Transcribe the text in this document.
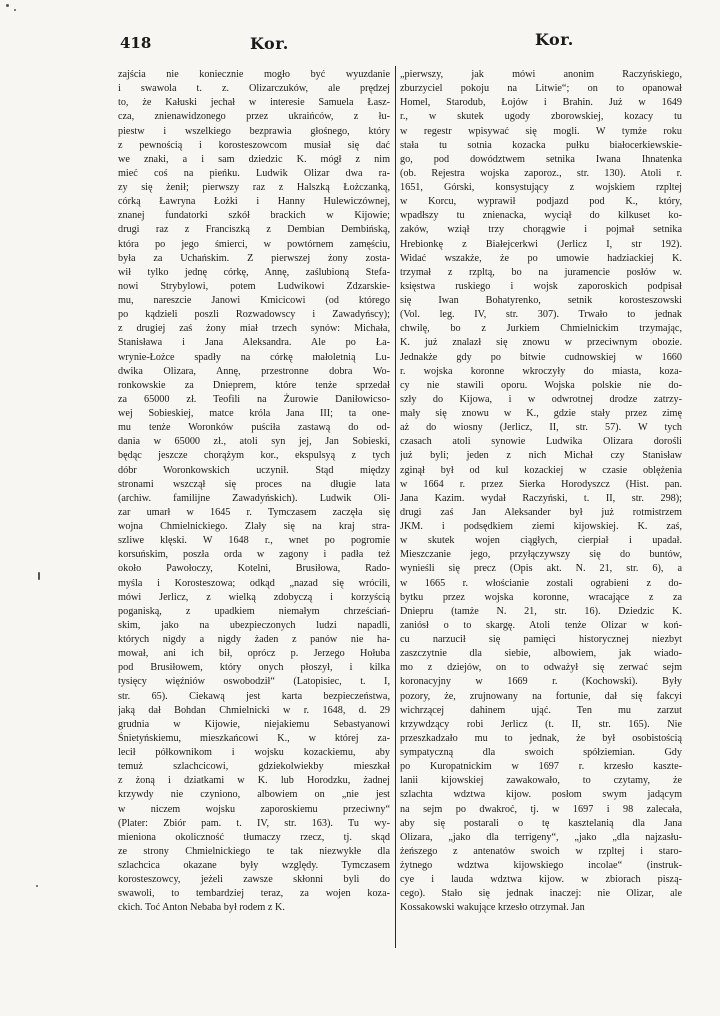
418	Kor.	Kor.
zajścia nie koniecznie mogło być wyuzdanie
i swawola t. z. Olizarczuków, ale prędzej
to, że Kałuski jechał w interesie Samuela Łasz-
cza, znienawidzonego przez ukraińców, z łu-
piestw i wszelkiego bezprawia głośnego, który
z pewnością i korosteszowcom musiał się dać
we znaki, a i sam dziedzic K. mógł z nim
mieć coś na pieńku. Ludwik Olizar dwa ra-
zy się żenił; pierwszy raz z Halszką Łożczanką,
córką Ławryna Łożki i Hanny Hulewiczównej,
znanej fundatorki szkół brackich w Kijowie;
drugi raz z Franciszką z Dembian Dembińską,
która po jego śmierci, w powtórnem zamęściu,
była za Uchańskim. Z pierwszej żony zosta-
wił tylko jednę córkę, Annę, zaślubioną Stefa-
nowi Strybylowi, potem Ludwikowi Zdzarskie-
mu, nareszcie Janowi Kmicicowi (od którego
po kądzieli poszli Rozwadowscy i Zawadyńscy);
z drugiej zaś żony miał trzech synów: Michała,
Stanisława i Jana Aleksandra. Ale po Ła-
wrynie-Łożce spadły na córkę małoletnią Lu-
dwika Olizara, Annę, przestronne dobra Wo-
ronkowskie za Dnieprem, które tenże sprzedał
za 65000 zł. Teofili na Żurowie Daniłowicso-
wej Sobieskiej, matce króla Jana III; ta one-
mu tenże Woronków puściła zastawą do od-
dania w 65000 zł., atoli syn jej, Jan Sobieski,
będąc jeszcze chorążym kor., ekspulsyą z tych
dóbr Woronkowskich uczynił. Stąd między
stronami wszczął się proces na długie lata
(archiw. familijne Zawadyńskich). Ludwik Oli-
zar umarł w 1645 r. Tymczasem zaczęła się
wojna Chmielnickiego. Zlały się na kraj stra-
szliwe klęski. W 1648 r., wnet po pogromie
korsuńskim, poszła orda w zagony i padła też
około Pawołoczy, Kotelni, Brusiłowa, Rado-
myśla i Korosteszowa; odkąd „nazad się wrócili,
mówi Jerlicz, z wielką zdobyczą i korzyścią
poganiską, z upadkiem niemałym chrześciań-
skim, jako na ubezpieczonych ludzi napadli,
których nigdy a nigdy żaden z panów nie ha-
mował, ani ich bił, oprócz p. Jerzego Hołuba
pod Brusiłowem, który onych płoszył, i kilka
tysięcy więźniów oswobodził“ (Latopisiec, t. I,
str. 65). Ciekawą jest karta bezpieczeństwa,
jaką dał Bohdan Chmielnicki w r. 1648, d. 29
grudnia w Kijowie, niejakiemu Sebastyanowi
Śnietyńskiemu, mieszkańcowi K., w której za-
lecił półkownikom i wojsku kozackiemu, aby
temuż szlachcicowi, gdziekolwiekby mieszkał
z żoną i dziatkami w K. lub Horodzku, żadnej
krzywdy nie czyniono, albowiem on „nie jest
w niczem wojsku zaporoskiemu przeciwny“
(Plater: Zbiór pam. t. IV, str. 163). Tu wy-
mieniona okoliczność tłumaczy rzecz, tj. skąd
ze strony Chmielnickiego te tak niezwykłe dla
szlachcica okazane były względy. Tymczasem
korosteszowcy, jeżeli zawsze skłonni byli do
swawoli, to tembardziej teraz, za wojen koza-
ckich. Toć Anton Nebaba był rodem z K.
„pierwszy, jak mówi anonim Raczyńskiego,
zburzyciel pokoju na Litwie“; on to opanował
Homel, Starodub, Łojów i Brahin. Już w 1649
r., w skutek ugody zborowskiej, kozacy tu
w regestr wpisywać się mogli. W tymże roku
stała tu sotnia kozacka pułku białocerkiewskie-
go, pod dowództwem setnika Iwana Ihnatenka
(ob. Rejestra wojska zaporoz., str. 130). Atoli r.
1651, Górski, konsystujący z wojskiem rzpltej
w Korcu, wyprawił podjazd pod K., który,
wpadłszy tu znienacka, wyciął do kilkuset ko-
zaków, wziął trzy chorągwie i pojmał setnika
Hrebionkę z Białejcerkwi (Jerlicz I, str 192).
Widać wszakże, że po umowie hadziackiej K.
trzymał z rzpltą, bo na juramencie posłów w.
księstwa ruskiego i wojsk zaporoskich podpisał
się Iwan Bohatyrenko, setnik korosteszowski
(Vol. leg. IV, str. 307). Trwało to jednak
chwilę, bo z Jurkiem Chmielnickim trzymając,
K. już znalazł się znowu w przeciwnym obozie.
Jednakże gdy po bitwie cudnowskiej w 1660
r. wojska koronne wkroczyły do miasta, koza-
cy nie stawili oporu. Wojska polskie nie do-
szły do Kijowa, i w odwrotnej drodze zatrzy-
mały się znowu w K., gdzie stały przez zimę
aż do wiosny (Jerlicz, II, str. 57). W tych
czasach atoli synowie Ludwika Olizara dorośli
już byli; jeden z nich Michał czy Stanisław
zginął był od kul kozackiej w czasie oblężenia
w 1664 r. przez Sierka Horodyszcz (Hist. pan.
Jana Kazim. wydał Raczyński, t. II, str. 298);
drugi zaś Jan Aleksander był już rotmistrzem
JKM. i podsędkiem ziemi kijowskiej. K. zaś,
w skutek wojen ciągłych, cierpiał i upadał.
Mieszczanie jego, przyłączywszy się do buntów,
wynieśli się precz (Opis akt. N. 21, str. 6), a
w 1665 r. włościanie zostali ograbieni z do-
bytku przez wojska koronne, wracające z za
Dniepru (tamże N. 21, str. 16). Dziedzic K.
zaniósł o to skargę. Atoli tenże Olizar w koń-
cu narzucił się pamięci historycznej niezbyt
zaszczytnie dla siebie, albowiem, jak wiado-
mo z dziejów, on to odważył się zerwać sejm
koronacyjny w 1669 r. (Kochowski). Były
pozory, że, zrujnowany na fortunie, dał się fakcyi
wichrzącej dahinem ująć. Ten mu zarzut
krzywdzący robi Jerlicz (t. II, str. 165). Nie
przeszkadzało mu to jednak, że był osobistością
sympatyczną dla swoich spółziemian. Gdy
po Kuropatnickim w 1697 r. krzesło kaszte-
lanii kijowskiej zawakowało, to czytamy, że
szlachta wdztwa kijow. posłom swym jadącym
na sejm po dwakroć, tj. w 1697 i 98 zalecała,
aby się postarali o tę kasztelanią dla Jana
Olizara, „jako dla terrigeny“, „jako „dla najzasłu-
żeńszego z antenatów swoich w rzpltej i staro-
żytnego wdztwa kijowskiego incolae“ (instruk-
cye i lauda wdztwa kijow. w zbiorach piszą-
cego). Stało się jednak inaczej: nie Olizar, ale
Kossakowski wakujące krzesło otrzymał. Jan
